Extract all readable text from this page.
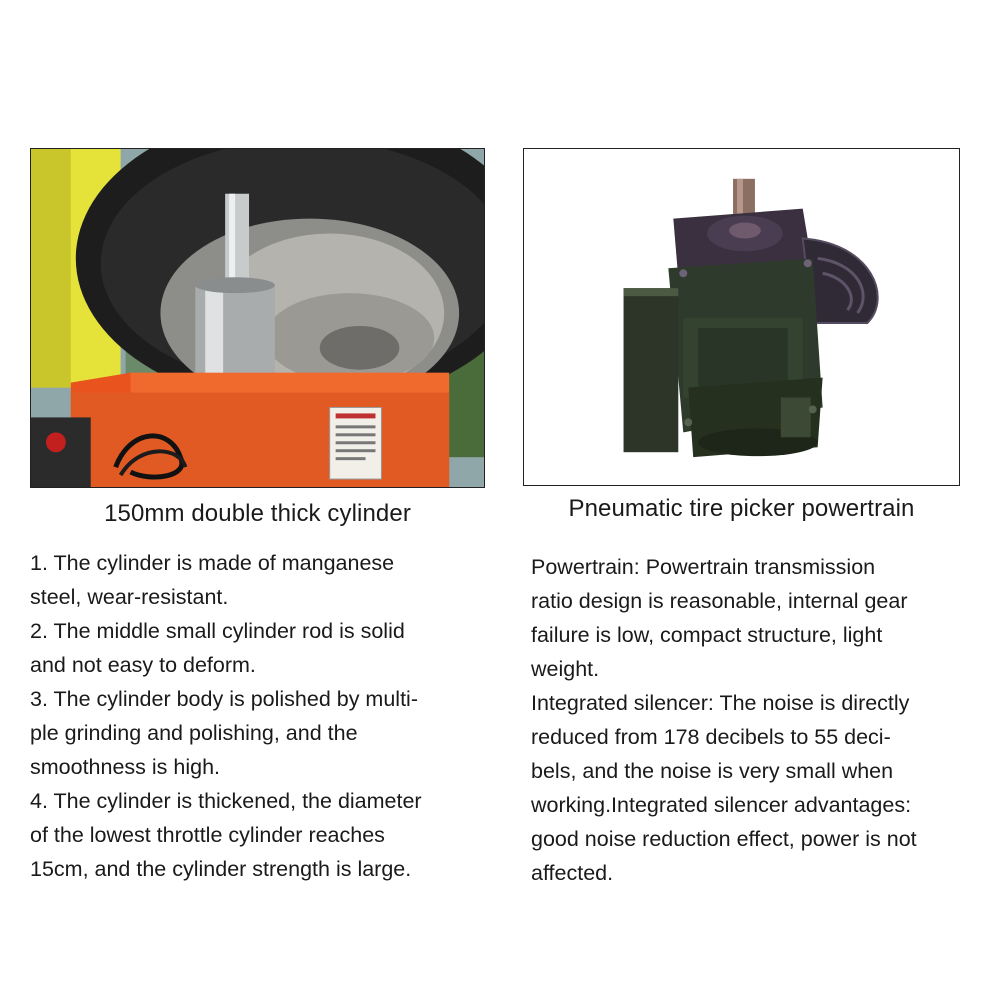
150mm double thick cylinder	Pneumatic tire picker powertrain
1. The cylinder is made of manganese
steel, wear-resistant.
2. The middle small cylinder rod is solid
and not easy to deform.
3. The cylinder body is polished by multi-
ple grinding and polishing, and the
smoothness is high.
4. The cylinder is thickened, the diameter
of the lowest throttle cylinder reaches
15cm, and the cylinder strength is large.
Powertrain: Powertrain transmission
ratio design is reasonable, internal gear
failure is low, compact structure, light
weight.
Integrated silencer: The noise is directly
reduced from 178 decibels to 55 deci-
bels, and the noise is very small when
working.Integrated silencer advantages:
good noise reduction effect, power is not
affected.
